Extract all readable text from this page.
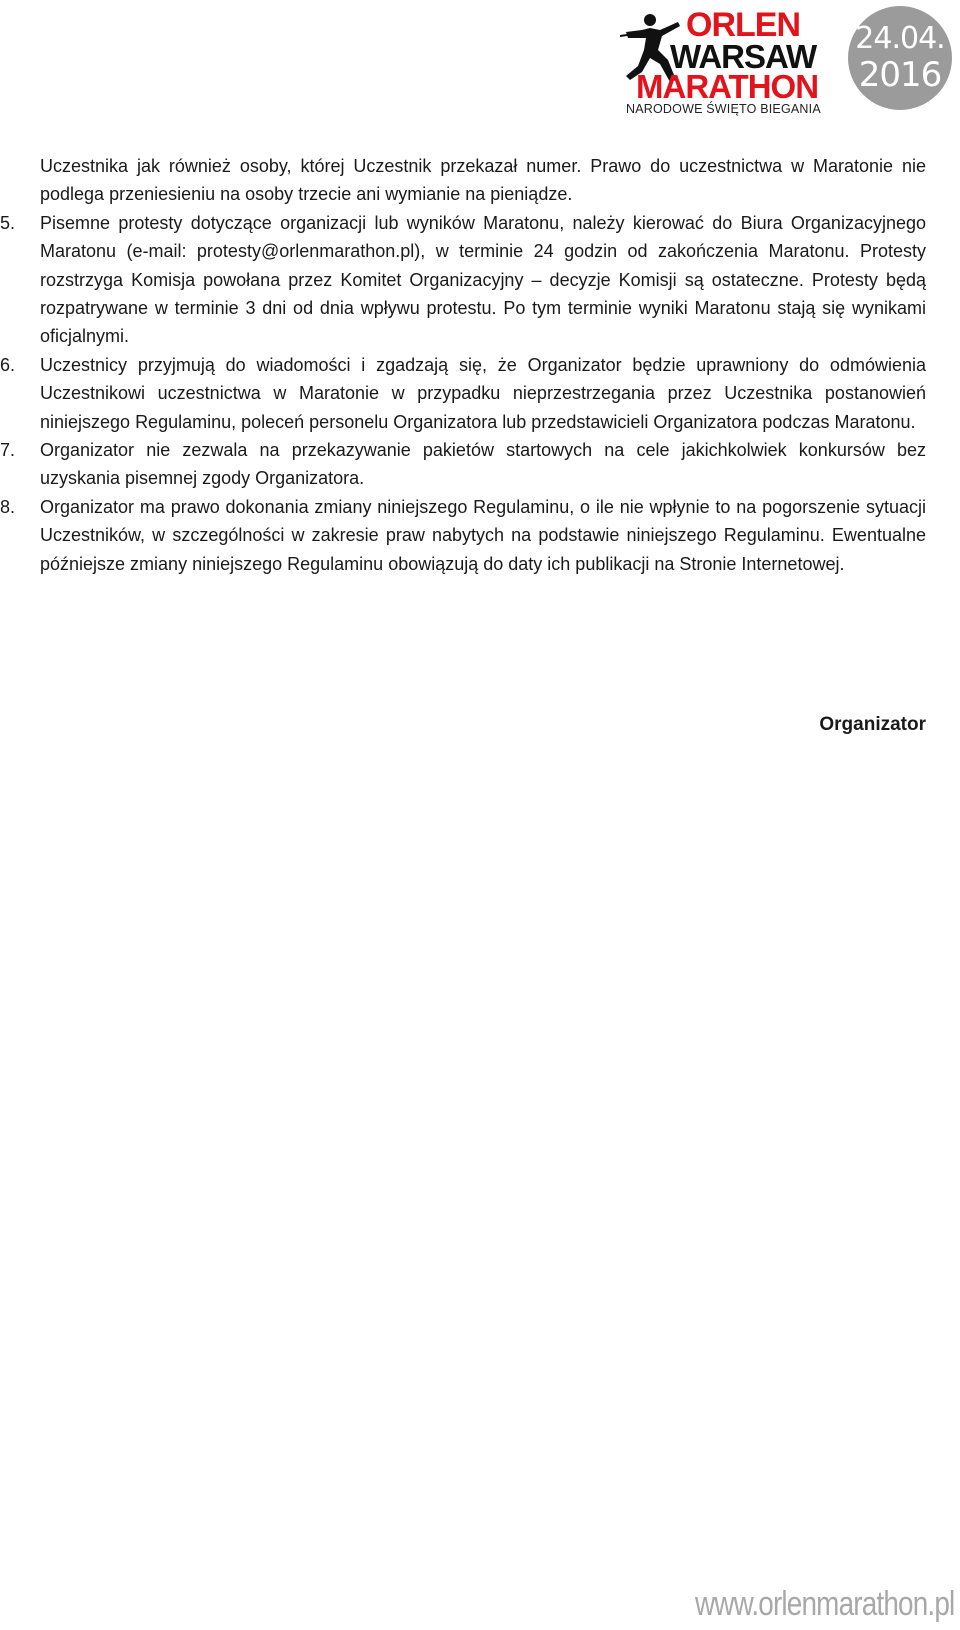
ORLEN
WARSAW
MARATHON
NARODOWE ŚWIĘTO BIEGANIA
24.04.
2016

Uczestnika jak również osoby, której Uczestnik przekazał numer. Prawo do uczestnictwa w Maratonie nie podlega przeniesieniu na osoby trzecie ani wymianie na pieniądze.

5.	Pisemne protesty dotyczące organizacji lub wyników Maratonu, należy kierować do Biura Organizacyjnego Maratonu (e-mail: protesty@orlenmarathon.pl), w terminie 24 godzin od zakończenia Maratonu. Protesty rozstrzyga Komisja powołana przez Komitet Organizacyjny – decyzje Komisji są ostateczne. Protesty będą rozpatrywane w terminie 3 dni od dnia wpływu protestu. Po tym terminie wyniki Maratonu stają się wynikami oficjalnymi.

6.	Uczestnicy przyjmują do wiadomości i zgadzają się, że Organizator będzie uprawniony do odmówienia Uczestnikowi uczestnictwa w Maratonie w przypadku nieprzestrzegania przez Uczestnika postanowień niniejszego Regulaminu, poleceń personelu Organizatora lub przedstawicieli Organizatora podczas Maratonu.

7.	Organizator nie zezwala na przekazywanie pakietów startowych na cele jakichkolwiek konkursów bez uzyskania pisemnej zgody Organizatora.

8.	Organizator ma prawo dokonania zmiany niniejszego Regulaminu, o ile nie wpłynie to na pogorszenie sytuacji Uczestników, w szczególności w zakresie praw nabytych na podstawie niniejszego Regulaminu. Ewentualne późniejsze zmiany niniejszego Regulaminu obowiązują do daty ich publikacji na Stronie Internetowej.

Organizator
www.orlenmarathon.pl
